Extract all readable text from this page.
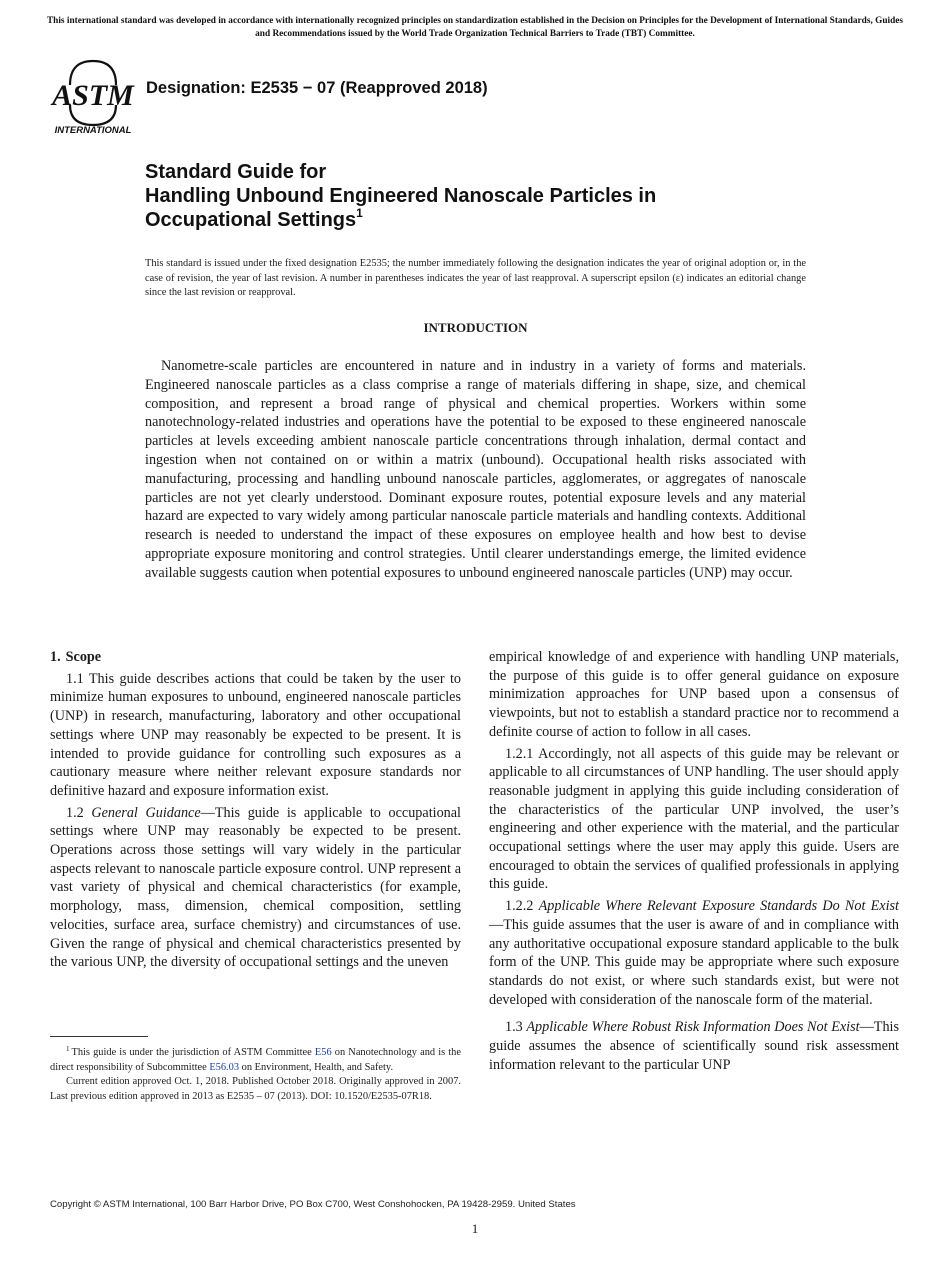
This international standard was developed in accordance with internationally recognized principles on standardization established in the Decision on Principles for the Development of International Standards, Guides and Recommendations issued by the World Trade Organization Technical Barriers to Trade (TBT) Committee.
ASTM
INTERNATIONAL
Designation: E2535 − 07 (Reapproved 2018)
Standard Guide for
Handling Unbound Engineered Nanoscale Particles in
Occupational Settings$^1$
This standard is issued under the fixed designation E2535; the number immediately following the designation indicates the year of original adoption or, in the case of revision, the year of last revision. A number in parentheses indicates the year of last reapproval. A superscript epsilon (ε) indicates an editorial change since the last revision or reapproval.
INTRODUCTION
Nanometre-scale particles are encountered in nature and in industry in a variety of forms and materials. Engineered nanoscale particles as a class comprise a range of materials differing in shape, size, and chemical composition, and represent a broad range of physical and chemical properties. Workers within some nanotechnology-related industries and operations have the potential to be exposed to these engineered nanoscale particles at levels exceeding ambient nanoscale particle concentrations through inhalation, dermal contact and ingestion when not contained on or within a matrix (unbound). Occupational health risks associated with manufacturing, processing and handling unbound nanoscale particles, agglomerates, or aggregates of nanoscale particles are not yet clearly understood. Dominant exposure routes, potential exposure levels and any material hazard are expected to vary widely among particular nanoscale particle materials and handling contexts. Additional research is needed to understand the impact of these exposures on employee health and how best to devise appropriate exposure monitoring and control strategies. Until clearer understandings emerge, the limited evidence available suggests caution when potential exposures to unbound engineered nanoscale particles (UNP) may occur.

1. Scope

1.1 This guide describes actions that could be taken by the user to minimize human exposures to unbound, engineered nanoscale particles (UNP) in research, manufacturing, laboratory and other occupational settings where UNP may reasonably be expected to be present. It is intended to provide guidance for controlling such exposures as a cautionary measure where neither relevant exposure standards nor definitive hazard and exposure information exist.

1.2 General Guidance—This guide is applicable to occupational settings where UNP may reasonably be expected to be present. Operations across those settings will vary widely in the particular aspects relevant to nanoscale particle exposure control. UNP represent a vast variety of physical and chemical characteristics (for example, morphology, mass, dimension, chemical composition, settling velocities, surface area, surface chemistry) and circumstances of use. Given the range of physical and chemical characteristics presented by the various UNP, the diversity of occupational settings and the uneven

empirical knowledge of and experience with handling UNP materials, the purpose of this guide is to offer general guidance on exposure minimization approaches for UNP based upon a consensus of viewpoints, but not to establish a standard practice nor to recommend a definite course of action to follow in all cases.

1.2.1 Accordingly, not all aspects of this guide may be relevant or applicable to all circumstances of UNP handling. The user should apply reasonable judgment in applying this guide including consideration of the characteristics of the particular UNP involved, the user’s engineering and other experience with the material, and the particular occupational settings where the user may apply this guide. Users are encouraged to obtain the services of qualified professionals in applying this guide.

1.2.2 Applicable Where Relevant Exposure Standards Do Not Exist—This guide assumes that the user is aware of and in compliance with any authoritative occupational exposure standard applicable to the bulk form of the UNP. This guide may be appropriate where such exposure standards do not exist, or where such standards exist, but were not developed with consideration of the nanoscale form of the material.

1.3 Applicable Where Robust Risk Information Does Not Exist—This guide assumes the absence of scientifically sound risk assessment information relevant to the particular UNP

$^1$ This guide is under the jurisdiction of ASTM Committee E56 on Nanotechnology and is the direct responsibility of Subcommittee E56.03 on Environment, Health, and Safety.

Current edition approved Oct. 1, 2018. Published October 2018. Originally approved in 2007. Last previous edition approved in 2013 as E2535 – 07 (2013). DOI: 10.1520/E2535-07R18.

Copyright © ASTM International, 100 Barr Harbor Drive, PO Box C700, West Conshohocken, PA 19428-2959. United States
1
